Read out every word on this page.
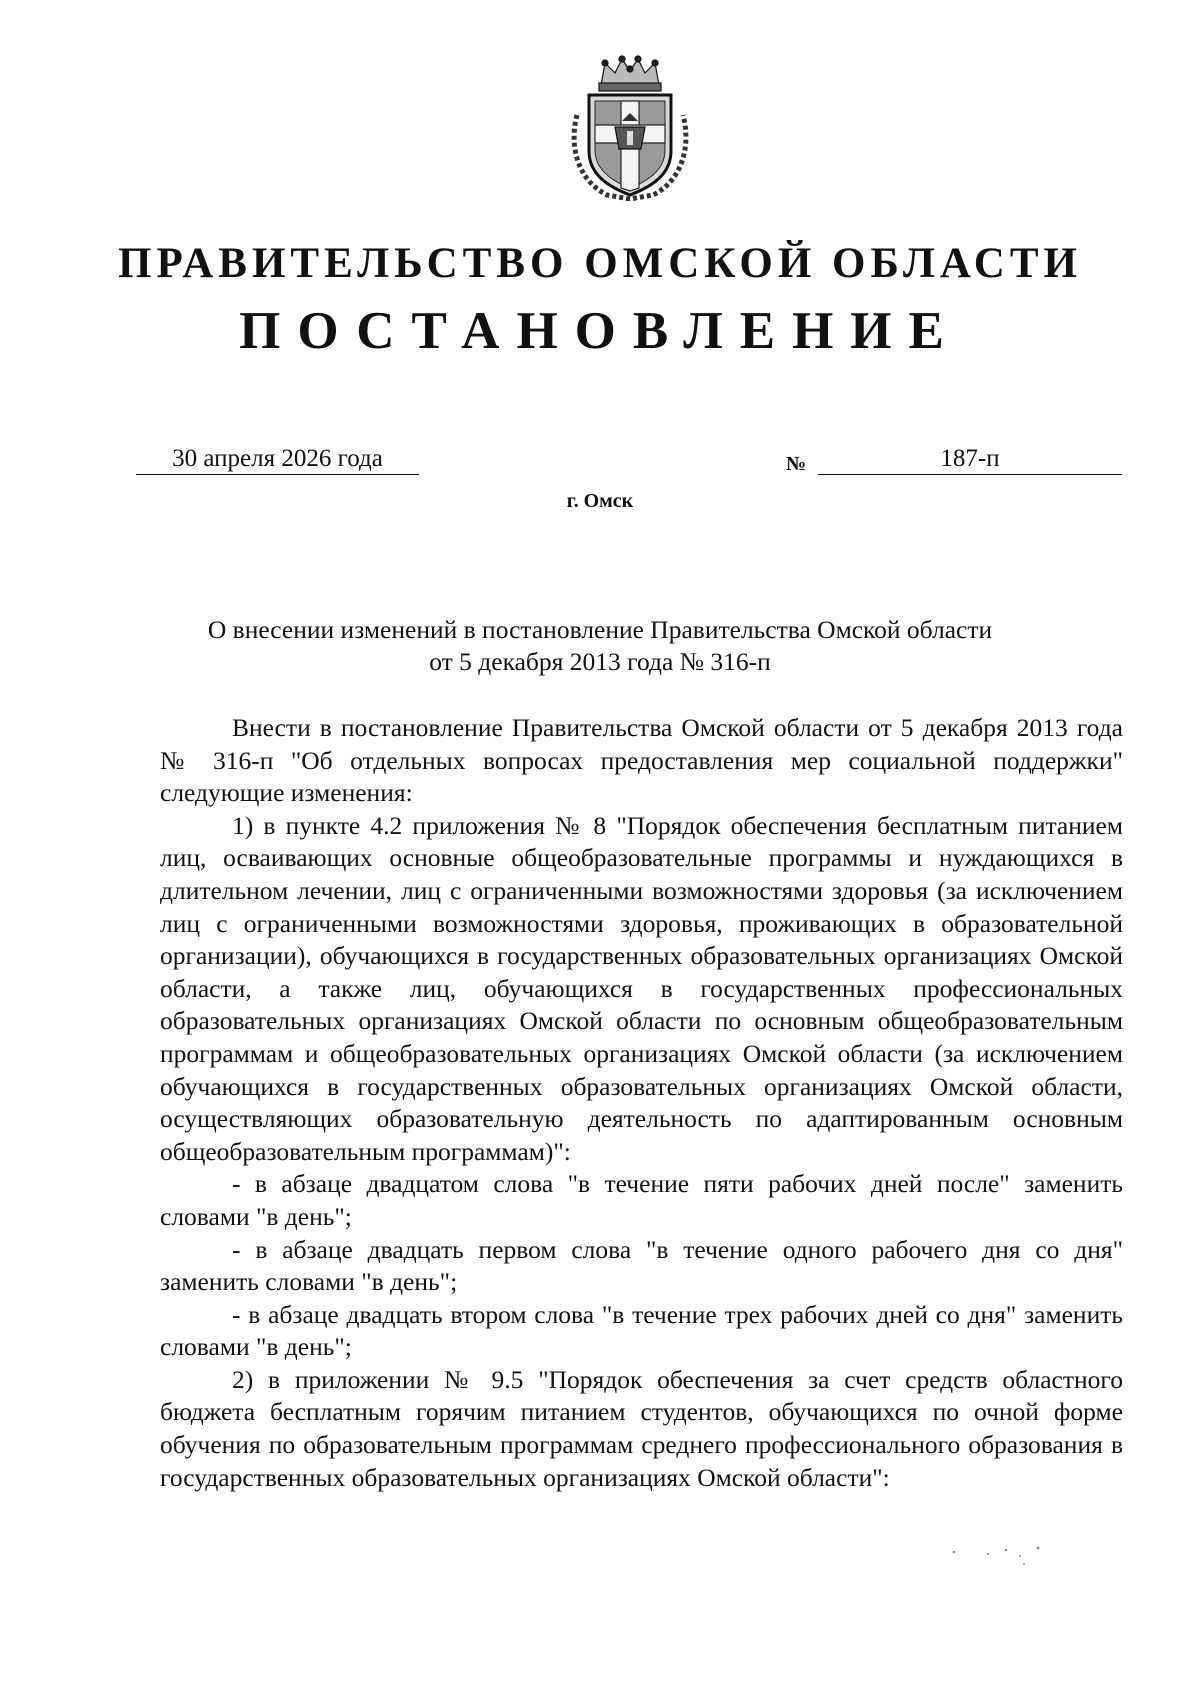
ПРАВИТЕЛЬСТВО ОМСКОЙ ОБЛАСТИ
ПОСТАНОВЛЕНИЕ
30 апреля 2026 года	№	187-п
г. Омск
О внесении изменений в постановление Правительства Омской области
от 5 декабря 2013 года № 316-п

Внести в постановление Правительства Омской области от 5 декабря 2013 года № 316-п "Об отдельных вопросах предоставления мер социальной поддержки" следующие изменения:

1) в пункте 4.2 приложения № 8 "Порядок обеспечения бесплатным питанием лиц, осваивающих основные общеобразовательные программы и нуждающихся в длительном лечении, лиц с ограниченными возможностями здоровья (за исключением лиц с ограниченными возможностями здоровья, проживающих в образовательной организации), обучающихся в государственных образовательных организациях Омской области, а также лиц, обучающихся в государственных профессиональных образовательных организациях Омской области по основным общеобразовательным программам и общеобразовательных организациях Омской области (за исключением обучающихся в государственных образовательных организациях Омской области, осуществляющих образовательную деятельность по адаптированным основным общеобразовательным программам)":

- в абзаце двадцатом слова "в течение пяти рабочих дней после" заменить словами "в день";

- в абзаце двадцать первом слова "в течение одного рабочего дня со дня" заменить словами "в день";

- в абзаце двадцать втором слова "в течение трех рабочих дней со дня" заменить словами "в день";

2) в приложении № 9.5 "Порядок обеспечения за счет средств областного бюджета бесплатным горячим питанием студентов, обучающихся по очной форме обучения по образовательным программам среднего профессионального образования в государственных образовательных организациях Омской области":
